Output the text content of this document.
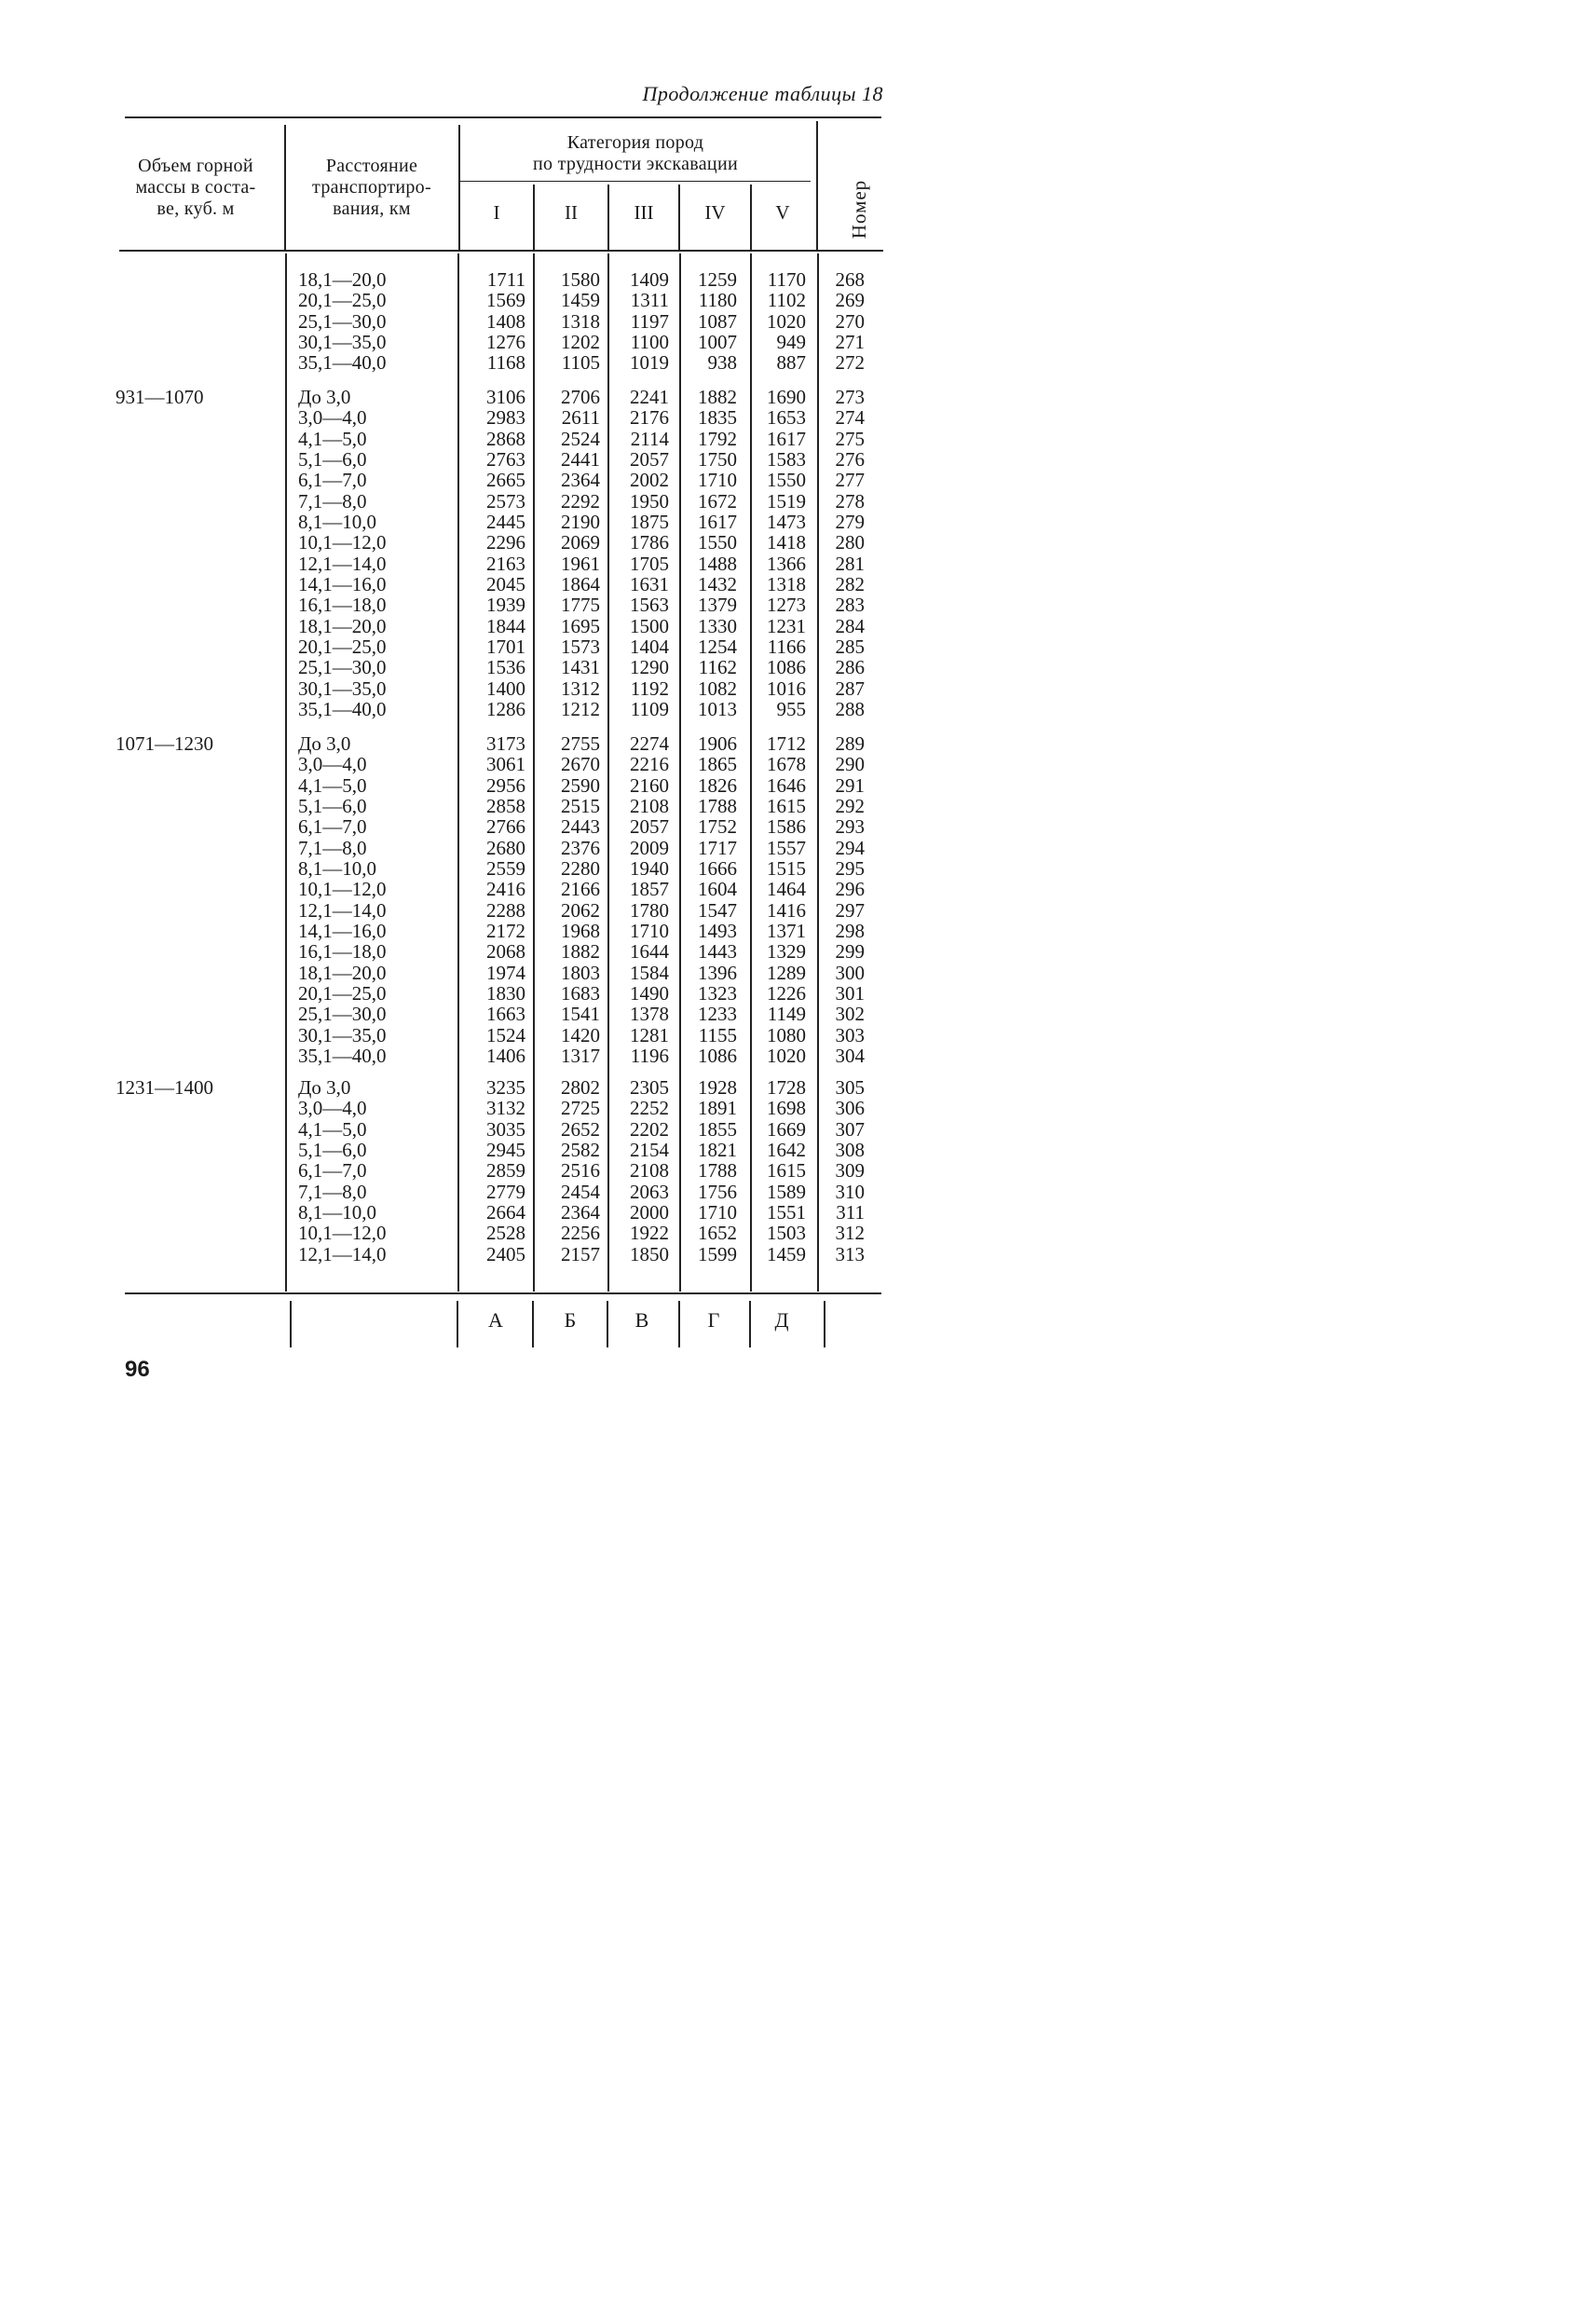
Продолжение таблицы 18
Объем горной
массы в соста-
ве, куб. м
Расстояние
транспортиро-
вания, км
Категория пород
по трудности экскавации
I	II	III	IV	V	Номер
18,1—20,0	1711	1580	1409	1259	1170	268
20,1—25,0	1569	1459	1311	1180	1102	269
25,1—30,0	1408	1318	1197	1087	1020	270
30,1—35,0	1276	1202	1100	1007	949	271
35,1—40,0	1168	1105	1019	938	887	272
931—1070	До 3,0	3106	2706	2241	1882	1690	273
3,0—4,0	2983	2611	2176	1835	1653	274
4,1—5,0	2868	2524	2114	1792	1617	275
5,1—6,0	2763	2441	2057	1750	1583	276
6,1—7,0	2665	2364	2002	1710	1550	277
7,1—8,0	2573	2292	1950	1672	1519	278
8,1—10,0	2445	2190	1875	1617	1473	279
10,1—12,0	2296	2069	1786	1550	1418	280
12,1—14,0	2163	1961	1705	1488	1366	281
14,1—16,0	2045	1864	1631	1432	1318	282
16,1—18,0	1939	1775	1563	1379	1273	283
18,1—20,0	1844	1695	1500	1330	1231	284
20,1—25,0	1701	1573	1404	1254	1166	285
25,1—30,0	1536	1431	1290	1162	1086	286
30,1—35,0	1400	1312	1192	1082	1016	287
35,1—40,0	1286	1212	1109	1013	955	288
1071—1230	До 3,0	3173	2755	2274	1906	1712	289
3,0—4,0	3061	2670	2216	1865	1678	290
4,1—5,0	2956	2590	2160	1826	1646	291
5,1—6,0	2858	2515	2108	1788	1615	292
6,1—7,0	2766	2443	2057	1752	1586	293
7,1—8,0	2680	2376	2009	1717	1557	294
8,1—10,0	2559	2280	1940	1666	1515	295
10,1—12,0	2416	2166	1857	1604	1464	296
12,1—14,0	2288	2062	1780	1547	1416	297
14,1—16,0	2172	1968	1710	1493	1371	298
16,1—18,0	2068	1882	1644	1443	1329	299
18,1—20,0	1974	1803	1584	1396	1289	300
20,1—25,0	1830	1683	1490	1323	1226	301
25,1—30,0	1663	1541	1378	1233	1149	302
30,1—35,0	1524	1420	1281	1155	1080	303
35,1—40,0	1406	1317	1196	1086	1020	304
1231—1400	До 3,0	3235	2802	2305	1928	1728	305
3,0—4,0	3132	2725	2252	1891	1698	306
4,1—5,0	3035	2652	2202	1855	1669	307
5,1—6,0	2945	2582	2154	1821	1642	308
6,1—7,0	2859	2516	2108	1788	1615	309
7,1—8,0	2779	2454	2063	1756	1589	310
8,1—10,0	2664	2364	2000	1710	1551	311
10,1—12,0	2528	2256	1922	1652	1503	312
12,1—14,0	2405	2157	1850	1599	1459	313
А	Б	В	Г	Д
96
